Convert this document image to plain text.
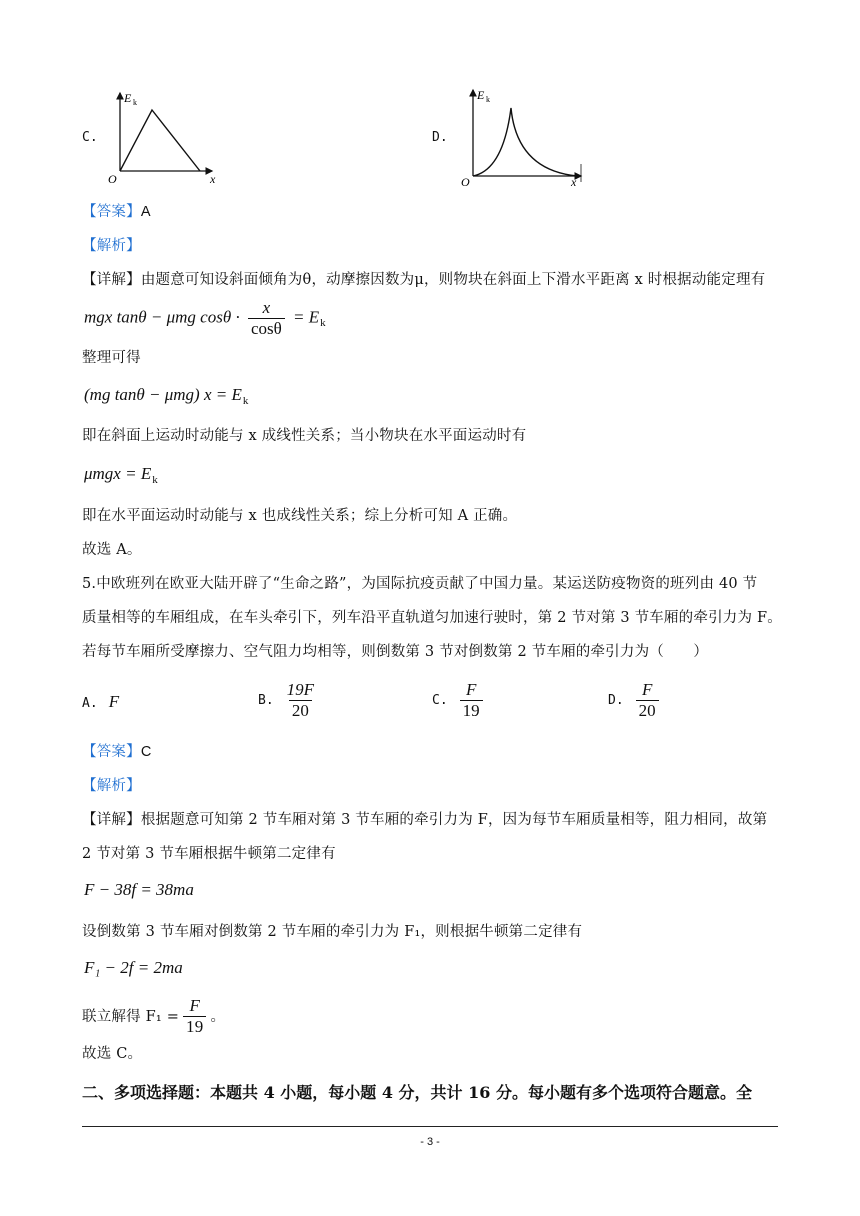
C.
E k
O	x
D.
E k
O	x
【答案】A
【解析】
【详解】由题意可知设斜面倾角为θ，动摩擦因数为μ，则物块在斜面上下滑水平距离 x 时根据动能定理有
mgx tanθ − μmg $\cos\theta \cdot \frac{x}{\cos\theta} = E_k$
整理可得
(mg tanθ − μmg) $x = E_k$
即在斜面上运动时动能与 x 成线性关系；当小物块在水平面运动时有
$\mu mgx = E_k$
即在水平面运动时动能与 x 也成线性关系；综上分析可知 A 正确。
故选 A。
5.中欧班列在欧亚大陆开辟了“生命之路”，为国际抗疫贡献了中国力量。某运送防疫物资的班列由 40 节
质量相等的车厢组成，在车头牵引下，列车沿平直轨道匀加速行驶时，第 2 节对第 3 节车厢的牵引力为 F。
若每节车厢所受摩擦力、空气阻力均相等，则倒数第 3 节对倒数第 2 节车厢的牵引力为（　　）
A. F	B. $\frac{19F}{20}$	C. $\frac{F}{19}$	D. $\frac{F}{20}$
【答案】C
【解析】
【详解】根据题意可知第 2 节车厢对第 3 节车厢的牵引力为 F，因为每节车厢质量相等，阻力相同，故第
2 节对第 3 节车厢根据牛顿第二定律有
F − 38f = 38ma
设倒数第 3 节车厢对倒数第 2 节车厢的牵引力为 F₁，则根据牛顿第二定律有
F₁ − 2f = 2ma
联立解得 $F_1 = \frac{F}{19}$ 。
故选 C。
二、多项选择题：本题共 4 小题，每小题 4 分，共计 16 分。每小题有多个选项符合题意。全
- 3 -
